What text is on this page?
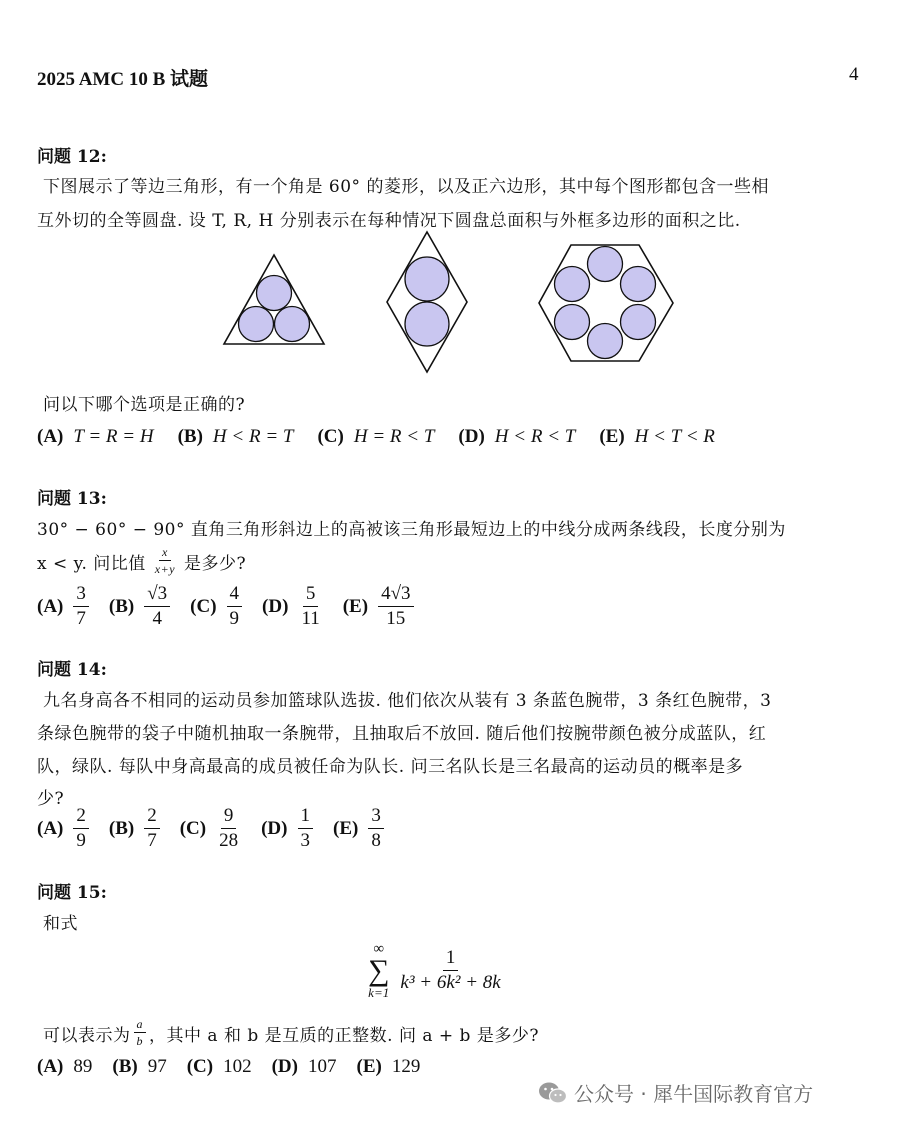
2025 AMC 10 B 试题	4
问题 12:
下图展示了等边三角形，有一个角是 60° 的菱形，以及正六边形，其中每个图形都包含一些相
互外切的全等圆盘. 设 T, R, H 分别表示在每种情况下圆盘总面积与外框多边形的面积之比.
问以下哪个选项是正确的?
(A) T = R = H (B) H < R = T (C) H = R < T (D) H < R < T (E) H < T < R
问题 13:
30° − 60° − 90° 直角三角形斜边上的高被该三角形最短边上的中线分成两条线段，长度分别为
x < y. 问比值 $\frac{x}{x+y}$ 是多少?
$(A) \frac{3}{7} (B) \frac{√3}{4} (C) \frac{4}{9} (D) \frac{5}{11} (E) \frac{4√3}{15}$
问题 14:
九名身高各不相同的运动员参加篮球队选拔. 他们依次从装有 3 条蓝色腕带，3 条红色腕带，3
条绿色腕带的袋子中随机抽取一条腕带，且抽取后不放回. 随后他们按腕带颜色被分成蓝队，红
队，绿队. 每队中身高最高的成员被任命为队长. 问三名队长是三名最高的运动员的概率是多
少?
$(A) \frac{2}{9} (B) \frac{2}{7} (C) \frac{9}{28} (D) \frac{1}{3} (E) \frac{3}{8}$
问题 15:
和式
∞
∑
$k=1 \frac{1}{\text{k³ + 6k² + 8k}}$
可以表示为 $\frac{a}{b}$ ，其中 a 和 b 是互质的正整数. 问 a + b 是多少?
(A) 89 (B) 97 (C) 102 (D) 107 (E) 129
公众号 · 犀牛国际教育官方
